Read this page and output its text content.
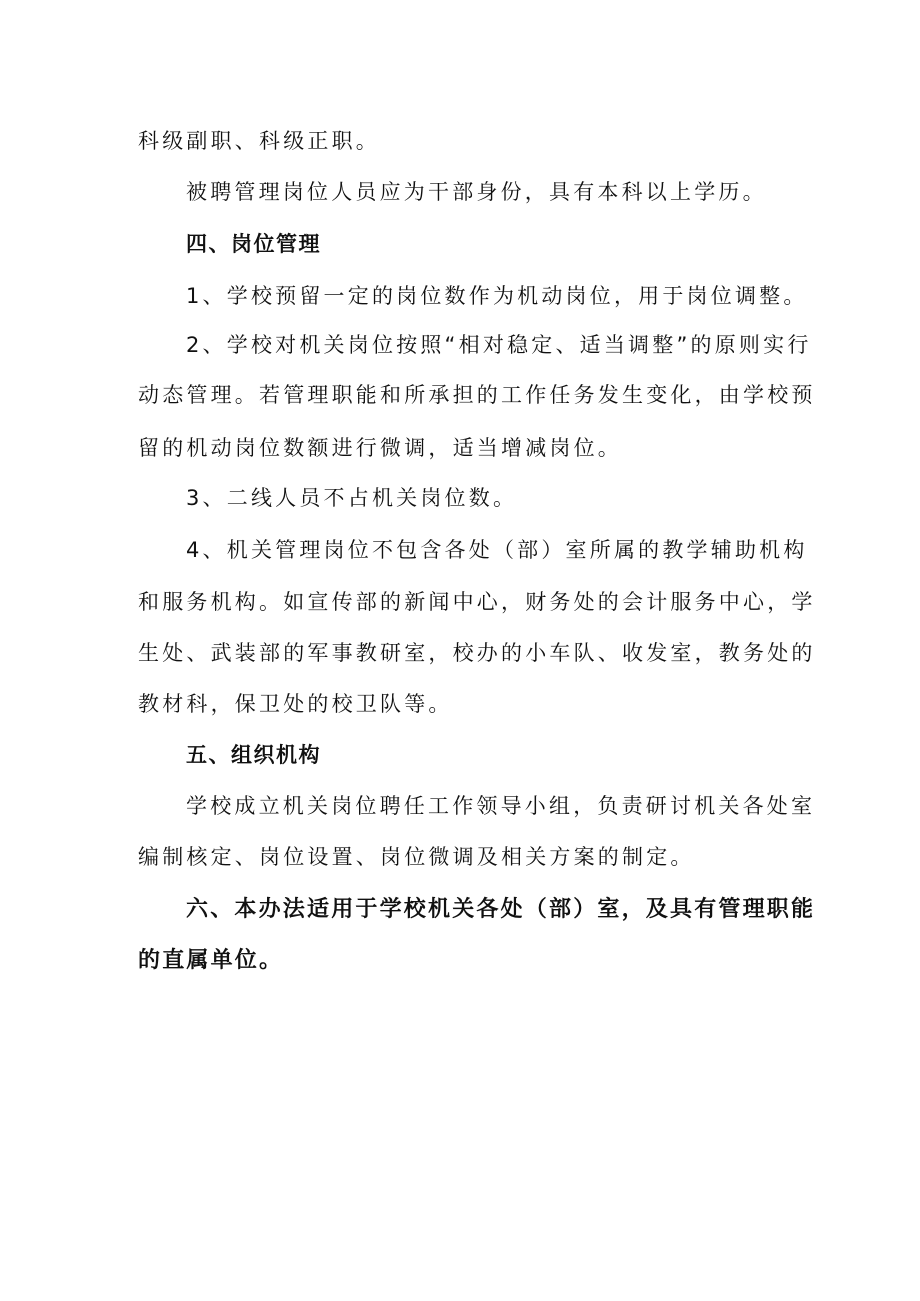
科级副职、科级正职。
被聘管理岗位人员应为干部身份，具有本科以上学历。
四、岗位管理
1、学校预留一定的岗位数作为机动岗位，用于岗位调整。
2、学校对机关岗位按照“相对稳定、适当调整”的原则实行
动态管理。若管理职能和所承担的工作任务发生变化，由学校预
留的机动岗位数额进行微调，适当增减岗位。
3、二线人员不占机关岗位数。
4、机关管理岗位不包含各处（部）室所属的教学辅助机构
和服务机构。如宣传部的新闻中心，财务处的会计服务中心，学
生处、武装部的军事教研室，校办的小车队、收发室，教务处的
教材科，保卫处的校卫队等。
五、组织机构
学校成立机关岗位聘任工作领导小组，负责研讨机关各处室
编制核定、岗位设置、岗位微调及相关方案的制定。
六、本办法适用于学校机关各处（部）室，及具有管理职能
的直属单位。
